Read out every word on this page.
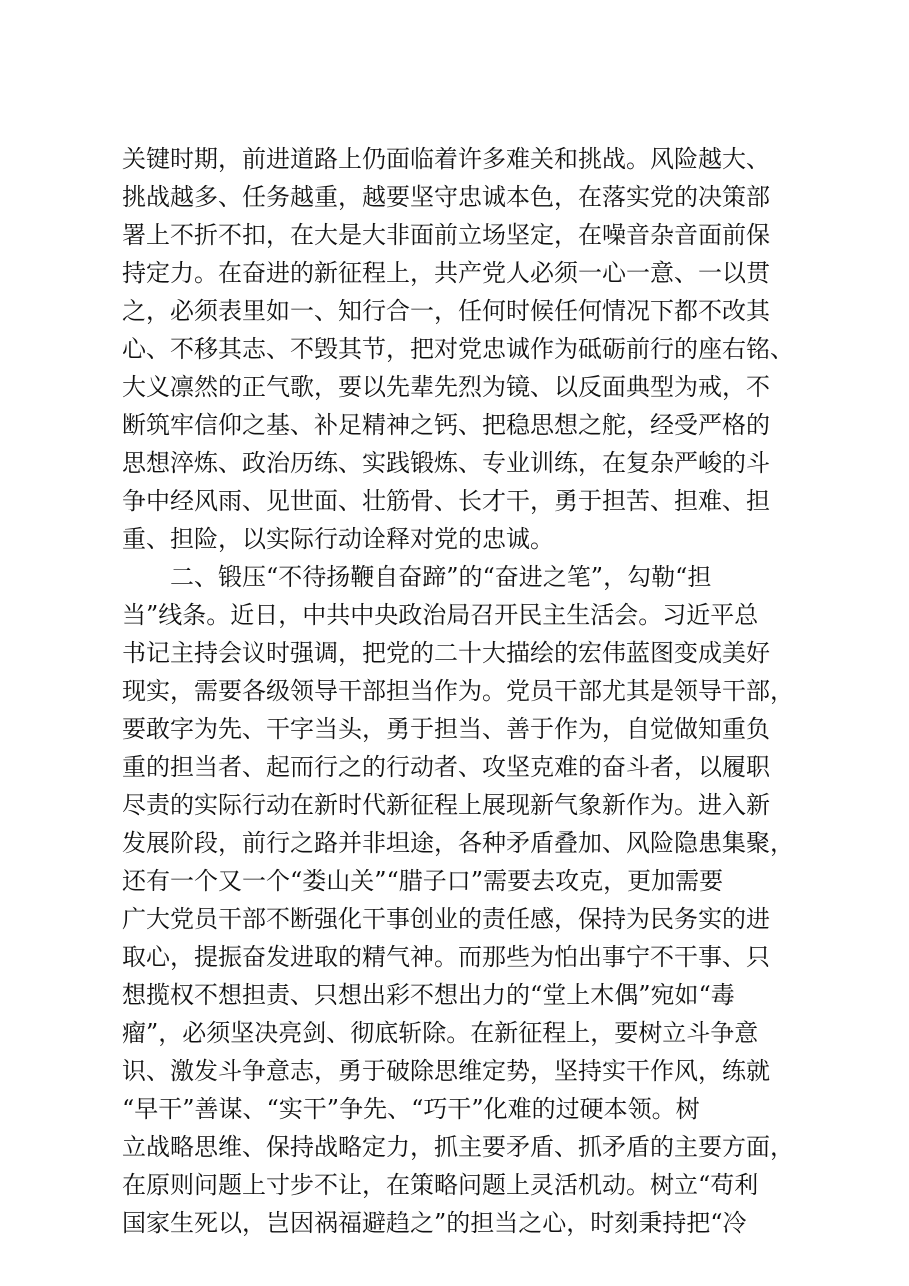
关键时期，前进道路上仍面临着许多难关和挑战。风险越大、
挑战越多、任务越重，越要坚守忠诚本色，在落实党的决策部
署上不折不扣，在大是大非面前立场坚定，在噪音杂音面前保
持定力。在奋进的新征程上，共产党人必须一心一意、一以贯
之，必须表里如一、知行合一，任何时候任何情况下都不改其
心、不移其志、不毁其节，把对党忠诚作为砥砺前行的座右铭、
大义凛然的正气歌，要以先辈先烈为镜、以反面典型为戒，不
断筑牢信仰之基、补足精神之钙、把稳思想之舵，经受严格的
思想淬炼、政治历练、实践锻炼、专业训练，在复杂严峻的斗
争中经风雨、见世面、壮筋骨、长才干，勇于担苦、担难、担
重、担险，以实际行动诠释对党的忠诚。
二、锻压“不待扬鞭自奋蹄”的“奋进之笔”，勾勒“担
当”线条。近日，中共中央政治局召开民主生活会。习近平总
书记主持会议时强调，把党的二十大描绘的宏伟蓝图变成美好
现实，需要各级领导干部担当作为。党员干部尤其是领导干部，
要敢字为先、干字当头，勇于担当、善于作为，自觉做知重负
重的担当者、起而行之的行动者、攻坚克难的奋斗者，以履职
尽责的实际行动在新时代新征程上展现新气象新作为。进入新
发展阶段，前行之路并非坦途，各种矛盾叠加、风险隐患集聚，
还有一个又一个“娄山关”“腊子口”需要去攻克，更加需要
广大党员干部不断强化干事创业的责任感，保持为民务实的进
取心，提振奋发进取的精气神。而那些为怕出事宁不干事、只
想揽权不想担责、只想出彩不想出力的“堂上木偶”宛如“毒
瘤”，必须坚决亮剑、彻底斩除。在新征程上，要树立斗争意
识、激发斗争意志，勇于破除思维定势，坚持实干作风，练就
“早干”善谋、“实干”争先、“巧干”化难的过硬本领。树
立战略思维、保持战略定力，抓主要矛盾、抓矛盾的主要方面，
在原则问题上寸步不让，在策略问题上灵活机动。树立“苟利
国家生死以，岂因祸福避趋之”的担当之心，时刻秉持把“冷
